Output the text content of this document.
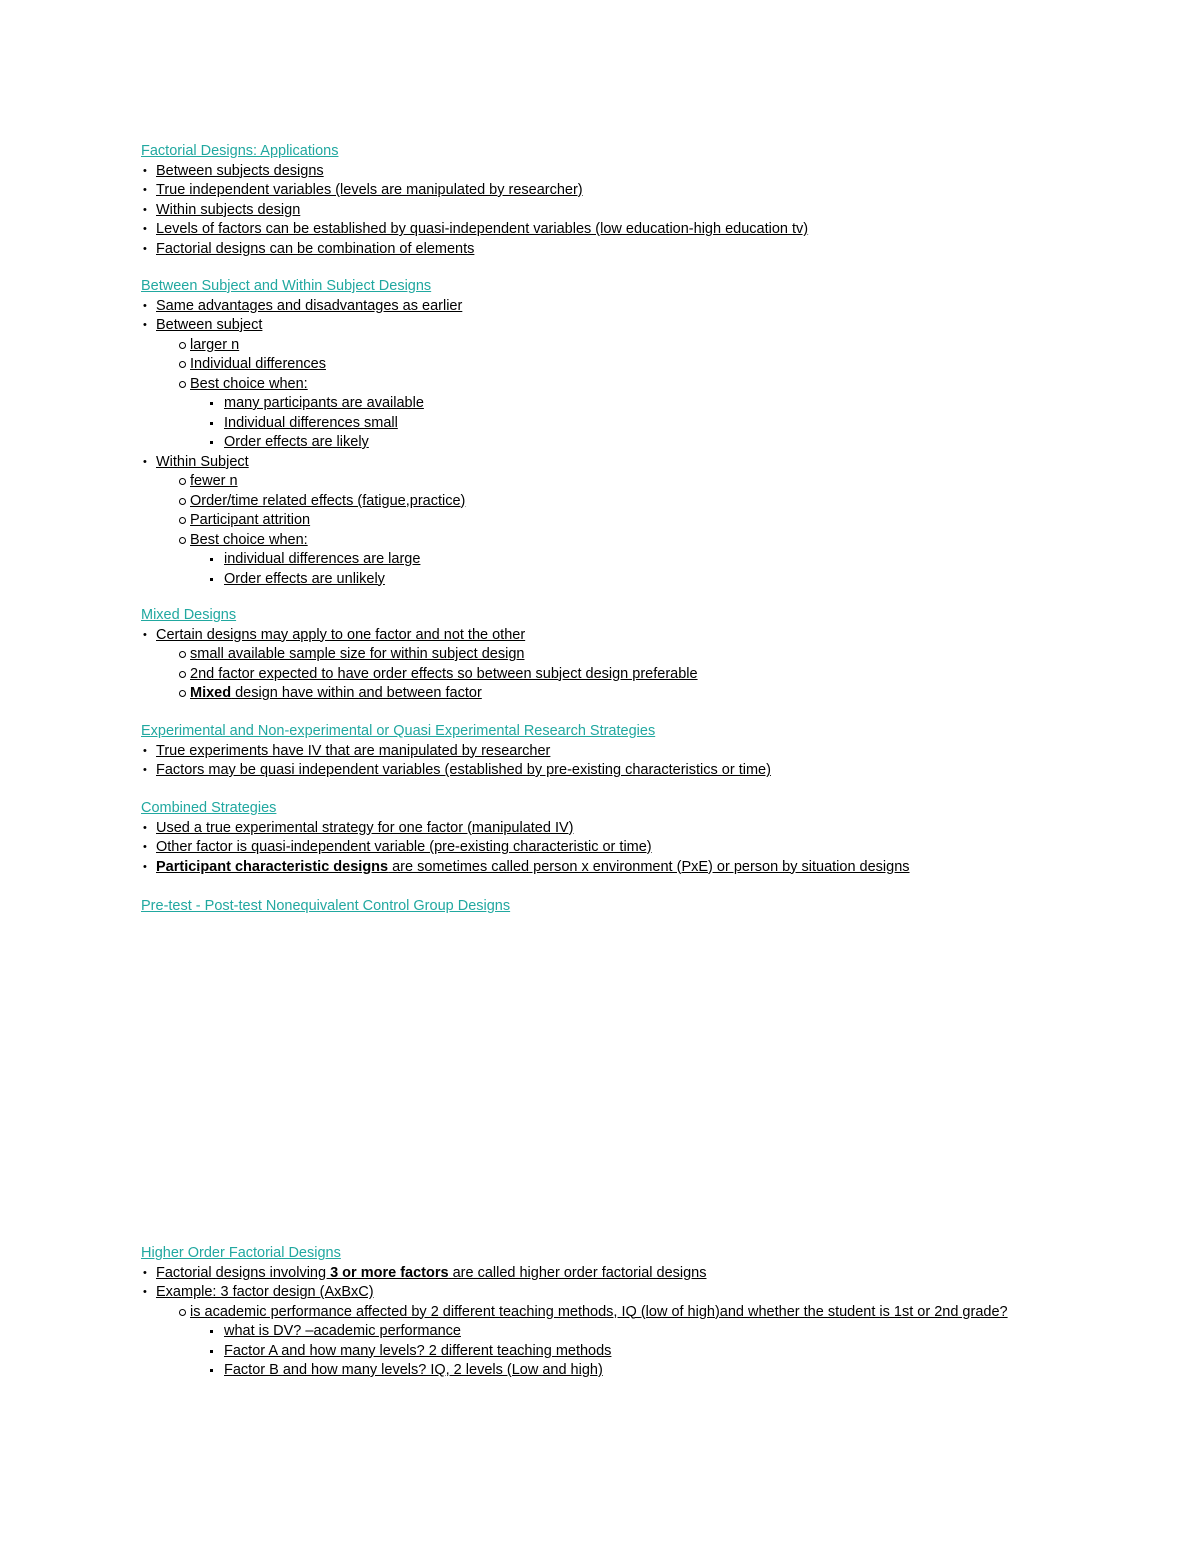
Factorial Designs: Applications
• Between subjects designs
• True independent variables (levels are manipulated by researcher)
• Within subjects design
• Levels of factors can be established by quasi-independent variables (low education-high education tv)
• Factorial designs can be combination of elements
Between Subject and Within Subject Designs
• Same advantages and disadvantages as earlier
• Between subject
larger n
Individual differences
Best choice when:
many participants are available
Individual differences small
Order effects are likely
• Within Subject
fewer n
Order/time related effects (fatigue,practice)
Participant attrition
Best choice when:
individual differences are large
Order effects are unlikely
Mixed Designs
• Certain designs may apply to one factor and not the other
small available sample size for within subject design
2nd factor expected to have order effects so between subject design preferable
Mixed design have within and between factor
Experimental and Non-experimental or Quasi Experimental Research Strategies
• True experiments have IV that are manipulated by researcher
• Factors may be quasi independent variables (established by pre-existing characteristics or time)
Combined Strategies
• Used a true experimental strategy for one factor (manipulated IV)
• Other factor is quasi-independent variable (pre-existing characteristic or time)
• Participant characteristic designs are sometimes called person x environment (PxE) or person by situation designs
Pre-test - Post-test Nonequivalent Control Group Designs
Higher Order Factorial Designs
• Factorial designs involving 3 or more factors are called higher order factorial designs
• Example: 3 factor design (AxBxC)
is academic performance affected by 2 different teaching methods, IQ (low of high)and whether the student is 1st or 2nd grade?
what is DV? –academic performance
Factor A and how many levels? 2 different teaching methods
Factor B and how many levels? IQ, 2 levels (Low and high)
